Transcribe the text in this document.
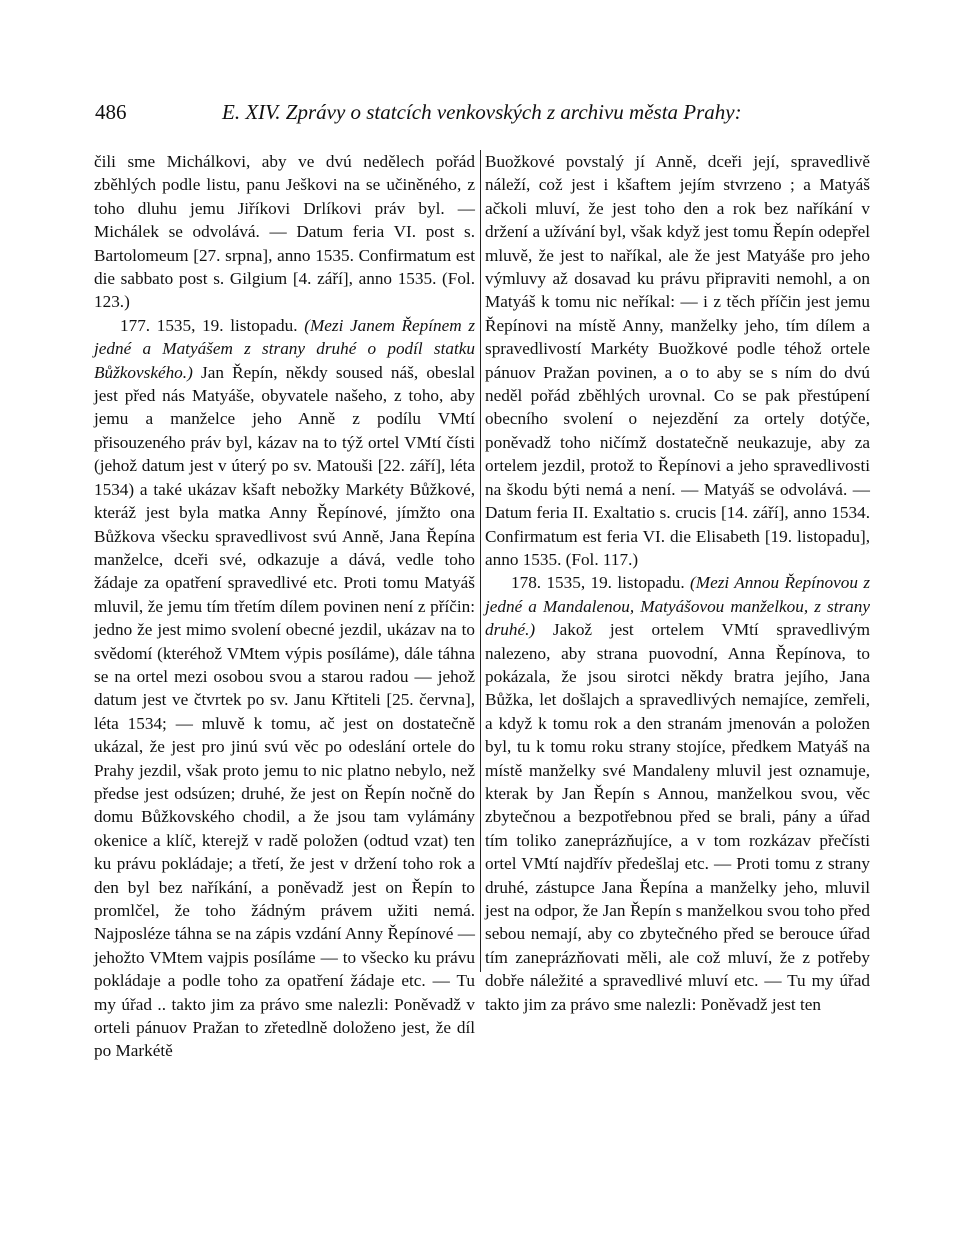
486	E. XIV. Zprávy o statcích venkovských z archivu města Prahy:

čili sme Michálkovi, aby ve dvú nedělech pořád zběhlých podle listu, panu Ješkovi na se učiněného, z toho dluhu jemu Jiříkovi Drlíkovi práv byl. — Michálek se odvolává. — Datum feria VI. post s. Bartolomeum [27. srpna], anno 1535. Confirmatum est die sabbato post s. Gilgium [4. září], anno 1535. (Fol. 123.)

177. 1535, 19. listopadu. (Mezi Janem Řepínem z jedné a Matyášem z strany druhé o podíl statku Bůžkovského.) Jan Řepín, někdy soused náš, obeslal jest před nás Matyáše, obyvatele našeho, z toho, aby jemu a manželce jeho Anně z podílu VMtí přisouzeného práv byl, kázav na to týž ortel VMtí čísti (jehož datum jest v úterý po sv. Matouši [22. září], léta 1534) a také ukázav kšaft nebožky Markéty Bůžkové, kteráž jest byla matka Anny Řepínové, jímžto ona Bůžkova všecku spravedlivost svú Anně, Jana Řepína manželce, dceři své, odkazuje a dává, vedle toho žádaje za opatření spravedlivé etc. Proti tomu Matyáš mluvil, že jemu tím třetím dílem povinen není z příčin: jedno že jest mimo svolení obecné jezdil, ukázav na to svědomí (kteréhož VMtem výpis posíláme), dále táhna se na ortel mezi osobou svou a starou radou — jehož datum jest ve čtvrtek po sv. Janu Křtiteli [25. června], léta 1534; — mluvě k tomu, ač jest on dostatečně ukázal, že jest pro jinú svú věc po odeslání ortele do Prahy jezdil, však proto jemu to nic platno nebylo, než předse jest odsúzen; druhé, že jest on Řepín nočně do domu Bůžkovského chodil, a že jsou tam vylámány okenice a klíč, kterejž v radě položen (odtud vzat) ten ku právu pokládaje; a třetí, že jest v držení toho rok a den byl bez naříkání, a poněvadž jest on Řepín to promlčel, že toho žádným právem užiti nemá. Najposléze táhna se na zápis vzdání Anny Řepínové — jehožto VMtem vajpis posíláme — to všecko ku právu pokládaje a podle toho za opatření žádaje etc. — Tu my úřad .. takto jim za právo sme nalezli: Poněvadž v orteli pánuov Pražan to zřetedlně doloženo jest, že díl po Markétě

Buožkové povstalý jí Anně, dceři její, spravedlivě náleží, což jest i kšaftem jejím stvrzeno ; a Matyáš ačkoli mluví, že jest toho den a rok bez naříkání v držení a užívání byl, však když jest tomu Řepín odepřel mluvě, že jest to naříkal, ale že jest Matyáše pro jeho výmluvy až dosavad ku právu připraviti nemohl, a on Matyáš k tomu nic neříkal: — i z těch příčin jest jemu Řepínovi na místě Anny, manželky jeho, tím dílem a spravedlivostí Markéty Buožkové podle téhož ortele pánuov Pražan povinen, a o to aby se s ním do dvú neděl pořád zběhlých urovnal. Co se pak přestúpení obecního svolení o nejezdění za ortely dotýče, poněvadž toho ničímž dostatečně neukazuje, aby za ortelem jezdil, protož to Řepínovi a jeho spravedlivosti na škodu býti nemá a není. — Matyáš se odvolává. — Datum feria II. Exaltatio s. crucis [14. září], anno 1534. Confirmatum est feria VI. die Elisabeth [19. listopadu], anno 1535. (Fol. 117.)

178. 1535, 19. listopadu. (Mezi Annou Řepínovou z jedné a Mandalenou, Matyášovou manželkou, z strany druhé.) Jakož jest ortelem VMtí spravedlivým nalezeno, aby strana puovodní, Anna Řepínova, to pokázala, že jsou sirotci někdy bratra jejího, Jana Bůžka, let došlajch a spravedlivých nemajíce, zemřeli, a když k tomu rok a den stranám jmenován a položen byl, tu k tomu roku strany stojíce, předkem Matyáš na místě manželky své Mandaleny mluvil jest oznamuje, kterak by Jan Řepín s Annou, manželkou svou, věc zbytečnou a bezpotřebnou před se brali, pány a úřad tím toliko zaneprázňujíce, a v tom rozkázav přečísti ortel VMtí najdřív předešlaj etc. — Proti tomu z strany druhé, zástupce Jana Řepína a manželky jeho, mluvil jest na odpor, že Jan Řepín s manželkou svou toho před sebou nemají, aby co zbytečného před se berouce úřad tím zaneprázňovati měli, ale což mluví, že z potřeby dobře náležité a spravedlivé mluví etc. — Tu my úřad takto jim za právo sme nalezli: Poněvadž jest ten
